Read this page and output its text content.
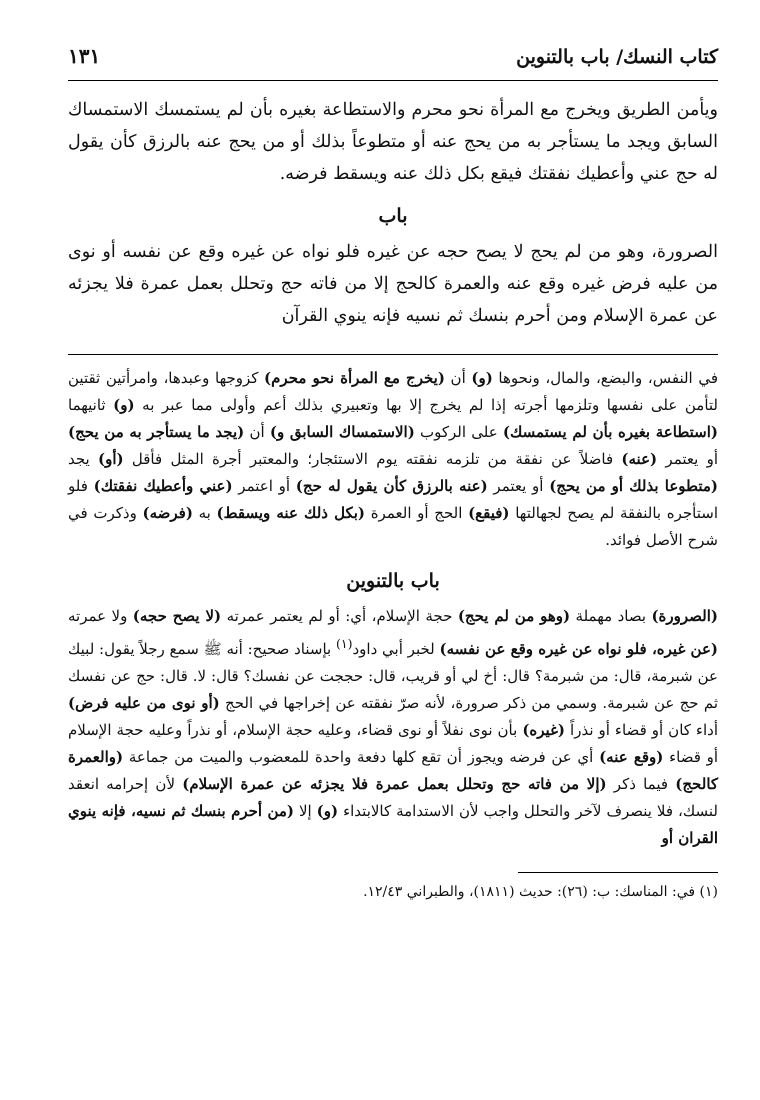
كتاب النسك/ باب بالتنوين
١٣١

ويأمن الطريق ويخرج مع المرأة نحو محرم والاستطاعة بغيره بأن لم يستمسك الاستمساك السابق ويجد ما يستأجر به من يحج عنه أو متطوعاً بذلك أو من يحج عنه بالرزق كأن يقول له حج عني وأعطيك نفقتك فيقع بكل ذلك عنه ويسقط فرضه.

باب

الصرورة، وهو من لم يحج لا يصح حجه عن غيره فلو نواه عن غيره وقع عن نفسه أو نوى من عليه فرض غيره وقع عنه والعمرة كالحج إلا من فاته حج وتحلل بعمل عمرة فلا يجزئه عن عمرة الإسلام ومن أحرم بنسك ثم نسيه فإنه ينوي القرآن

في النفس، والبضع، والمال، ونحوها (و) أن (يخرج مع المرأة نحو محرم) كزوجها وعبدها، وامرأتين ثقتين لتأمن على نفسها وتلزمها أجرته إذا لم يخرج إلا بها وتعبيري بذلك أعم وأولى مما عبر به (و) ثانيهما (استطاعة بغيره بأن لم يستمسك) على الركوب (الاستمساك السابق و) أن (يجد ما يستأجر به من يحج) أو يعتمر (عنه) فاضلاً عن نفقة من تلزمه نفقته يوم الاستئجار؛ والمعتبر أجرة المثل فأقل (أو) يجد (متطوعا بذلك أو من يحج) أو يعتمر (عنه بالرزق كأن يقول له حج) أو اعتمر (عني وأعطيك نفقتك) فلو استأجره بالنفقة لم يصح لجهالتها (فيقع) الحج أو العمرة (بكل ذلك عنه ويسقط) به (فرضه) وذكرت في شرح الأصل فوائد.

باب بالتنوين

(الصرورة) بصاد مهملة (وهو من لم يحج) حجة الإسلام، أي: أو لم يعتمر عمرته (لا يصح حجه) ولا عمرته (عن غيره، فلو نواه عن غيره وقع عن نفسه) لخبر أبي داود$^{(١)}$ بإسناد صحيح: أنه ﷺ سمع رجلاً يقول: لبيك عن شبرمة، قال: من شبرمة؟ قال: أخ لي أو قريب، قال: حججت عن نفسك؟ قال: لا. قال: حج عن نفسك ثم حج عن شبرمة. وسمي من ذكر صرورة، لأنه صرّ نفقته عن إخراجها في الحج (أو نوى من عليه فرض) أداء كان أو قضاء أو نذراً (غيره) بأن نوى نفلاً أو نوى قضاء، وعليه حجة الإسلام، أو نذراً وعليه حجة الإسلام أو قضاء (وقع عنه) أي عن فرضه ويجوز أن تقع كلها دفعة واحدة للمعضوب والميت من جماعة (والعمرة كالحج) فيما ذكر (إلا من فاته حج وتحلل بعمل عمرة فلا يجزئه عن عمرة الإسلام) لأن إحرامه انعقد لنسك، فلا ينصرف لآخر والتحلل واجب لأن الاستدامة كالابتداء (و) إلا (من أحرم بنسك ثم نسيه، فإنه ينوي القران أو

(١) في: المناسك: ب: (٢٦): حديث (١٨١١)، والطبراني ١٢/٤٣.
